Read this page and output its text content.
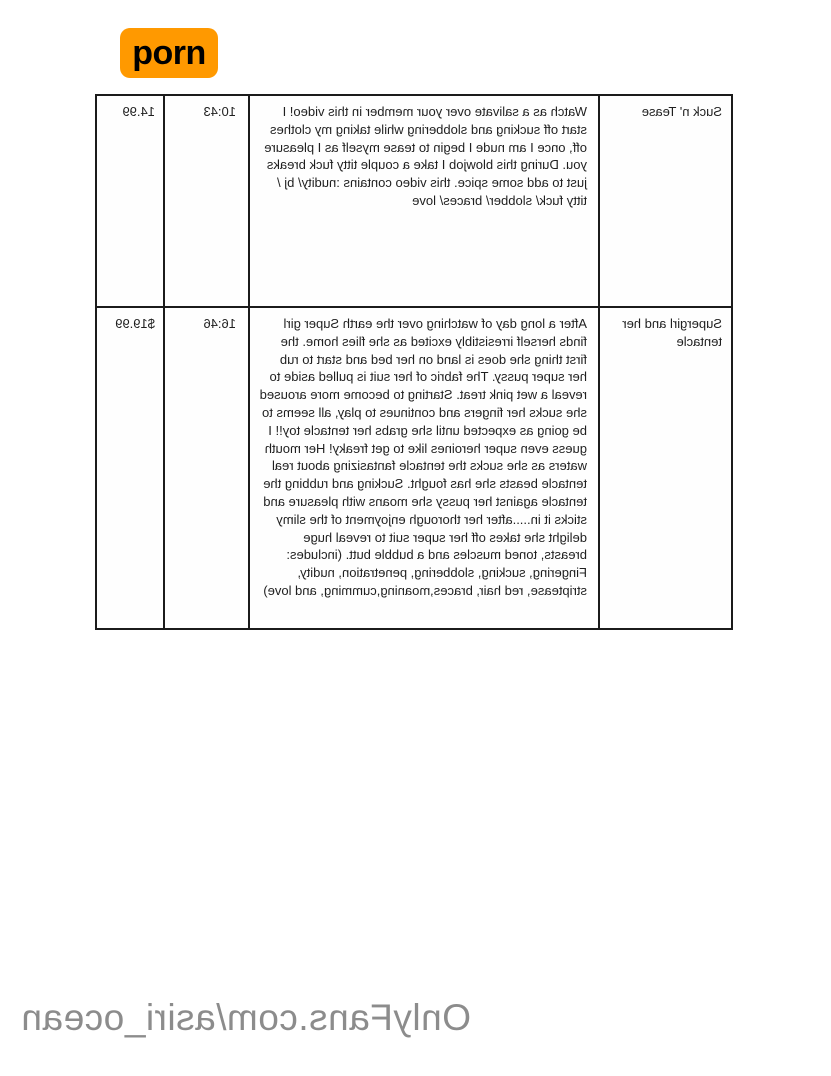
Suck n' Tease	Watch as a salivate over your member in this video! I start off sucking and slobbering while taking my clothes off, once I am nude I begin to tease myself as I pleasure you. During this blowjob I take a couple titty fuck breaks just to add some spice. this video contains :nudity/ bj / titty fuck/ slobber/ braces/ love	10:43	14.99
Supergirl and her tentacle	After a long day of watching over the earth Super girl finds herself irresistibly excited as she flies home. the first thing she does is land on her bed and start to rub her super pussy. The fabric of her suit is pulled aside to reveal a wet pink treat. Starting to become more aroused she sucks her fingers and continues to play, all seems to be going as expected until she grabs her tentacle toy!! I guess even super heroines like to get freaky! Her mouth waters as she sucks the tentacle fantasizing about real tentacle beasts she has fought. Sucking and rubbing the tentacle against her pussy she moans with pleasure and sticks it in.....after her thorough enjoyment of the slimy delight she takes off her super suit to reveal huge breasts, toned muscles and a bubble butt. (includes: Fingering, sucking, slobbering, penetration, nudity, striptease, red hair, braces,moaning,cumming, and love)	16:46	$19.99
OnlyFans.com/asiri_ocean
porn
